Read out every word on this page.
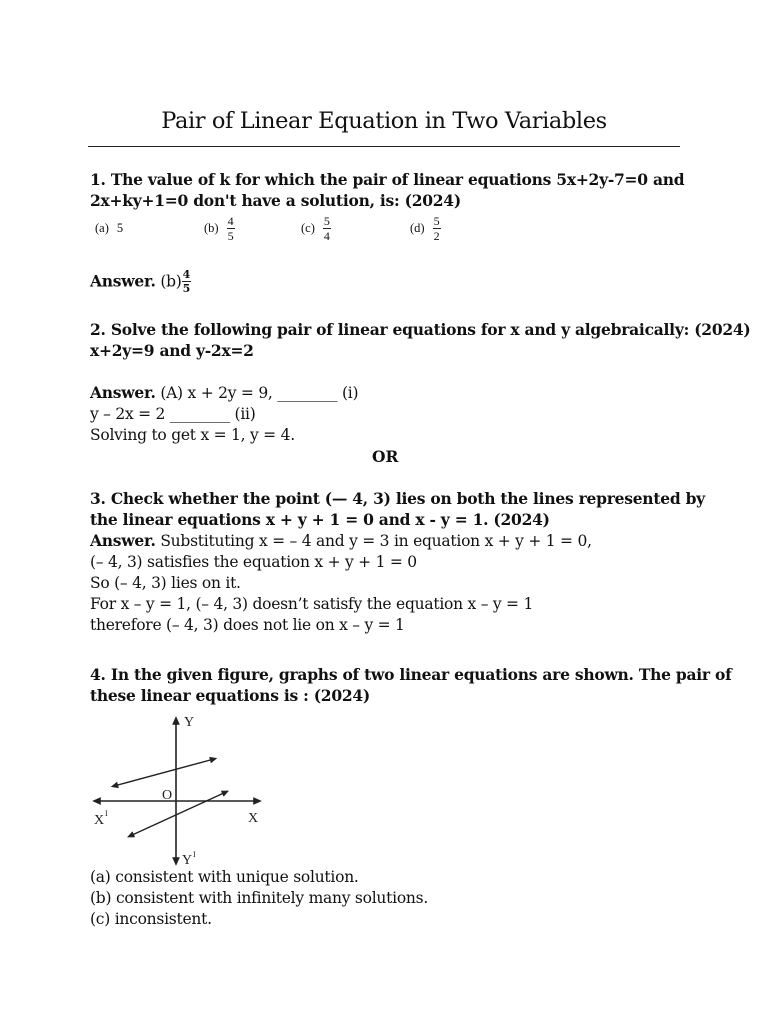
Pair of Linear Equation in Two Variables
1. The value of k for which the pair of linear equations 5x+2y-7=0 and
2x+ky+1=0 don't have a solution, is: (2024)
(a) 5	$(b) \frac{4}{5}$	$(c) \frac{5}{4}$	$(d) \frac{5}{2}$
Answer. $(b) \frac{4}{5}$
2. Solve the following pair of linear equations for x and y algebraically: (2024)
x+2y=9 and y-2x=2
Answer. (A) x + 2y = 9, ________ (i)
y – 2x = 2 ________ (ii)
Solving to get x = 1, y = 4.
OR
3. Check whether the point (— 4, 3) lies on both the lines represented by
the linear equations x + y + 1 = 0 and x - y = 1. (2024)
Answer. Substituting x = – 4 and y = 3 in equation x + y + 1 = 0,
(– 4, 3) satisfies the equation x + y + 1 = 0
So (– 4, 3) lies on it.
For x – y = 1, (– 4, 3) doesn’t satisfy the equation x – y = 1
therefore (– 4, 3) does not lie on x – y = 1
4. In the given figure, graphs of two linear equations are shown. The pair of
these linear equations is : (2024)
Y
Y I
X
X I
O
(a) consistent with unique solution.
(b) consistent with infinitely many solutions.
(c) inconsistent.
